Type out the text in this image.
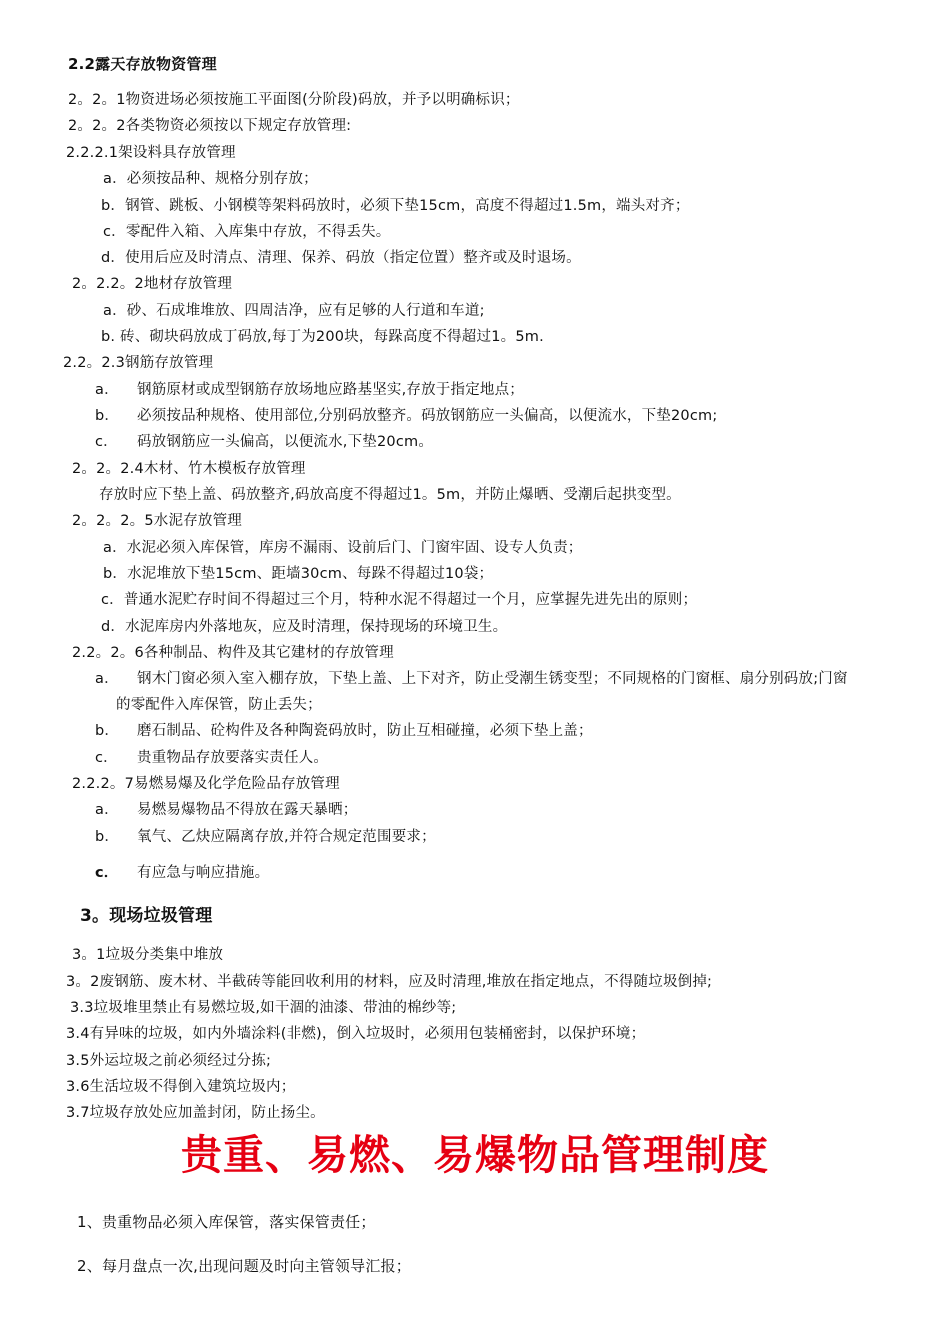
2.2露天存放物资管理
2。2。1物资进场必须按施工平面图(分阶段)码放，并予以明确标识；
2。2。2各类物资必须按以下规定存放管理:
2.2.2.1架设料具存放管理
a．必须按品种、规格分别存放；
b．钢管、跳板、小钢模等架料码放时，必须下垫15cm，高度不得超过1.5m，端头对齐；
c．零配件入箱、入库集中存放，不得丢失。
d．使用后应及时清点、清理、保养、码放（指定位置）整齐或及时退场。
2。2.2。2地材存放管理
a．砂、石成堆堆放、四周洁净，应有足够的人行道和车道;
b. 砖、砌块码放成丁码放,每丁为200块，每跺高度不得超过1。5m.
2.2。2.3钢筋存放管理
a． 钢筋原材或成型钢筋存放场地应路基坚实,存放于指定地点；
b． 必须按品种规格、使用部位,分别码放整齐。码放钢筋应一头偏高，以便流水，下垫20cm;
c． 码放钢筋应一头偏高，以便流水,下垫20cm。
2。2。2.4木材、竹木模板存放管理
存放时应下垫上盖、码放整齐,码放高度不得超过1。5m，并防止爆晒、受潮后起拱变型。
2。2。2。5水泥存放管理
a．水泥必须入库保管，库房不漏雨、设前后门、门窗牢固、设专人负责；
b．水泥堆放下垫15cm、距墙30cm、每跺不得超过10袋；
c．普通水泥贮存时间不得超过三个月，特种水泥不得超过一个月，应掌握先进先出的原则；
d．水泥库房内外落地灰，应及时清理，保持现场的环境卫生。
2.2。2。6各种制品、构件及其它建材的存放管理
a． 钢木门窗必须入室入棚存放，下垫上盖、上下对齐，防止受潮生锈变型；不同规格的门窗框、扇分别码放;门窗
的零配件入库保管，防止丢失；
b． 磨石制品、砼构件及各种陶瓷码放时，防止互相碰撞，必须下垫上盖；
c． 贵重物品存放要落实责任人。
2.2.2。7易燃易爆及化学危险品存放管理
a． 易燃易爆物品不得放在露天暴晒；
b． 氧气、乙炔应隔离存放,并符合规定范围要求；
c． 有应急与响应措施。
3。现场垃圾管理
3。1垃圾分类集中堆放
3。2废钢筋、废木材、半截砖等能回收利用的材料，应及时清理,堆放在指定地点，不得随垃圾倒掉;
3.3垃圾堆里禁止有易燃垃圾,如干涸的油漆、带油的棉纱等;
3.4有异味的垃圾，如内外墙涂料(非燃)，倒入垃圾时，必须用包装桶密封，以保护环境；
3.5外运垃圾之前必须经过分拣;
3.6生活垃圾不得倒入建筑垃圾内；
3.7垃圾存放处应加盖封闭，防止扬尘。
贵重、易燃、易爆物品管理制度
1、贵重物品必须入库保管，落实保管责任；
2、每月盘点一次,出现问题及时向主管领导汇报；
